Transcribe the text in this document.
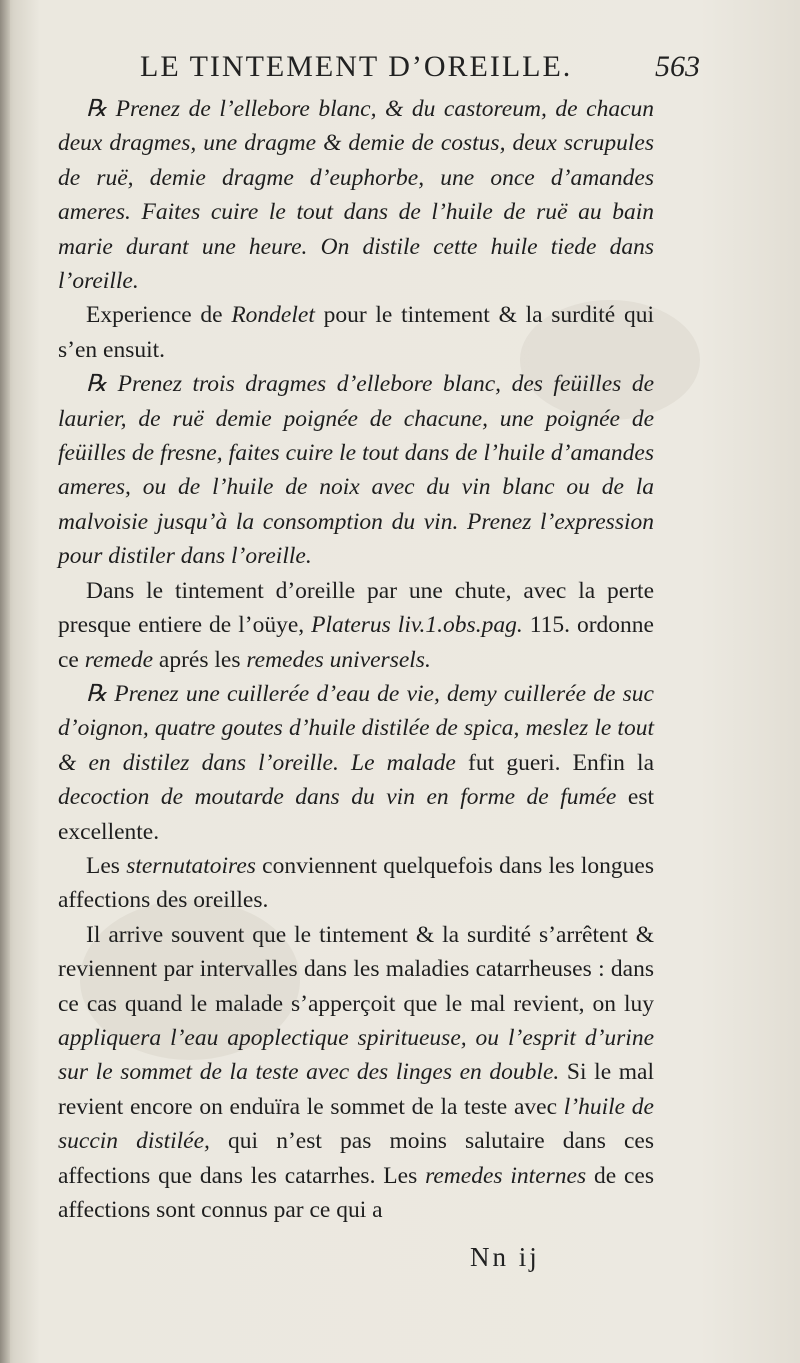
LE TINTEMENT D’OREILLE.	563

℞ Prenez de l’ellebore blanc, & du castoreum, de chacun deux dragmes, une dragme & demie de costus, deux scrupules de ruë, demie dragme d’euphorbe, une once d’amandes ameres. Faites cuire le tout dans de l’huile de ruë au bain marie durant une heure. On distile cette huile tiede dans l’oreille.

Experience de Rondelet pour le tintement & la surdité qui s’en ensuit.

℞ Prenez trois dragmes d’ellebore blanc, des feüilles de laurier, de ruë demie poignée de chacune, une poignée de feüilles de fresne, faites cuire le tout dans de l’huile d’amandes ameres, ou de l’huile de noix avec du vin blanc ou de la malvoisie jusqu’à la consomption du vin. Prenez l’expression pour distiler dans l’oreille.

Dans le tintement d’oreille par une chute, avec la perte presque entiere de l’oüye, Platerus liv.1.obs.pag. 115. ordonne ce remede aprés les remedes universels.

℞ Prenez une cuillerée d’eau de vie, demy cuillerée de suc d’oignon, quatre goutes d’huile distilée de spica, meslez le tout & en distilez dans l’oreille. Le malade fut gueri. Enfin la decoction de moutarde dans du vin en forme de fumée est excellente.

Les sternutatoires conviennent quelquefois dans les longues affections des oreilles.

Il arrive souvent que le tintement & la surdité s’arrêtent & reviennent par intervalles dans les maladies catarrheuses : dans ce cas quand le malade s’apperçoit que le mal revient, on luy appliquera l’eau apoplectique spiritueuse, ou l’esprit d’urine sur le sommet de la teste avec des linges en double. Si le mal revient encore on enduïra le sommet de la teste avec l’huile de succin distilée, qui n’est pas moins salutaire dans ces affections que dans les catarrhes. Les remedes internes de ces affections sont connus par ce qui a

Nn ij
